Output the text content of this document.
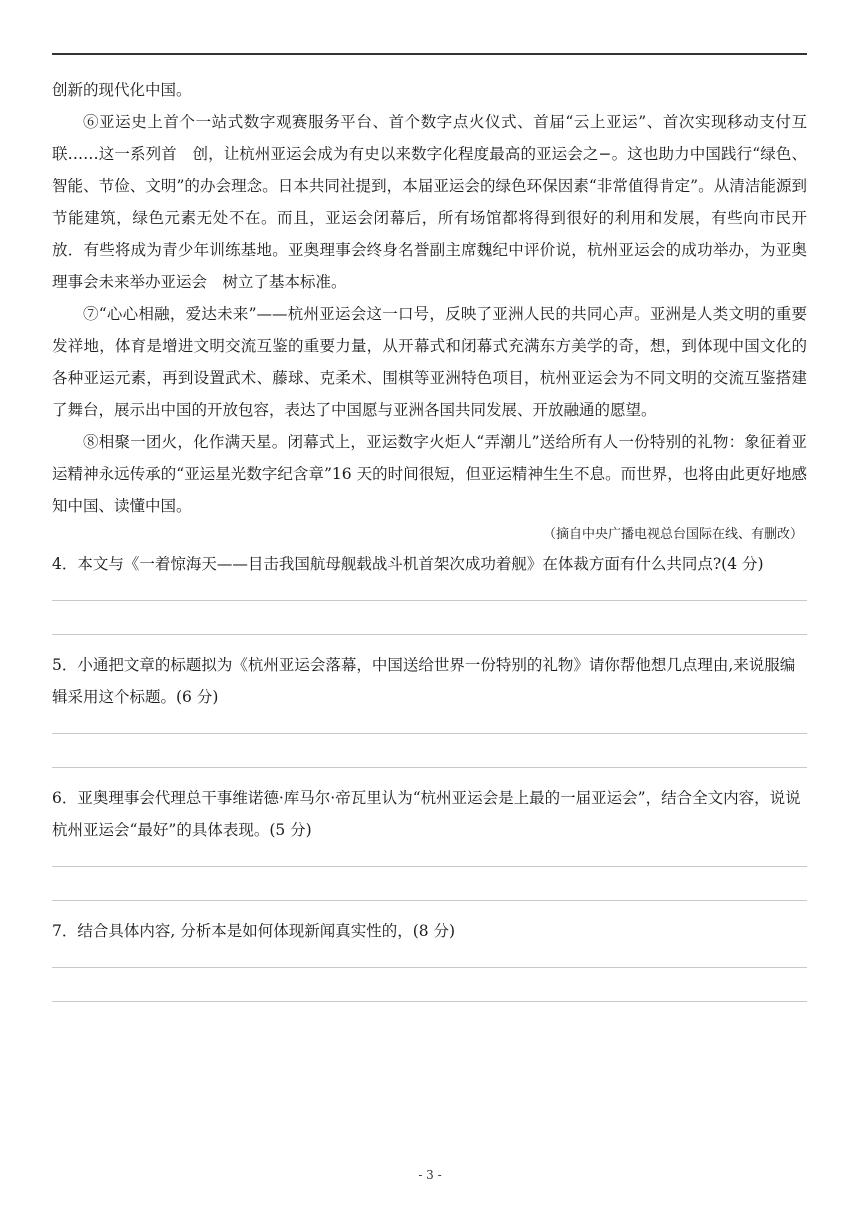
创新的现代化中国。

⑥亚运史上首个一站式数字观赛服务平台、首个数字点火仪式、首届“云上亚运”、首次实现移动支付互联……这一系列首　创，让杭州亚运会成为有史以来数字化程度最高的亚运会之−。这也助力中国践行“绿色、智能、节俭、文明”的办会理念。日本共同社提到，本届亚运会的绿色环保因素“非常值得肯定”。从清洁能源到节能建筑，绿色元素无处不在。而且，亚运会闭幕后，所有场馆都将得到很好的利用和发展，有些向市民开放．有些将成为青少年训练基地。亚奥理事会终身名誉副主席魏纪中评价说，杭州亚运会的成功举办，为亚奥理事会未来举办亚运会　树立了基本标准。

⑦“心心相融，爱达未来”——杭州亚运会这一口号，反映了亚洲人民的共同心声。亚洲是人类文明的重要发祥地，体育是增进文明交流互鉴的重要力量，从开幕式和闭幕式充满东方美学的奇，想，到体现中国文化的各种亚运元素，再到设置武术、藤球、克柔术、围棋等亚洲特色项目，杭州亚运会为不同文明的交流互鉴搭建了舞台，展示出中国的开放包容，表达了中国愿与亚洲各国共同发展、开放融通的愿望。

⑧相聚一团火，化作满天星。闭幕式上，亚运数字火炬人“弄潮儿”送给所有人一份特别的礼物：象征着亚运精神永远传承的“亚运星光数字纪含章”16 天的时间很短，但亚运精神生生不息。而世界，也将由此更好地感知中国、读懂中国。

（摘自中央广播电视总台国际在线、有删改）

4．本文与《一着惊海天——目击我国航母舰载战斗机首架次成功着舰》在体裁方面有什么共同点?(4 分)

5．小通把文章的标题拟为《杭州亚运会落幕，中国送给世界一份特别的礼物》请你帮他想几点理由,来说服编辑采用这个标题。(6 分)

6．亚奥理事会代理总干事维诺德·库马尔·帝瓦里认为“杭州亚运会是上最的一届亚运会”，结合全文内容，说说杭州亚运会“最好”的具体表现。(5 分)

7．结合具体内容, 分析本是如何体现新闻真实性的，(8 分)

- 3 -
